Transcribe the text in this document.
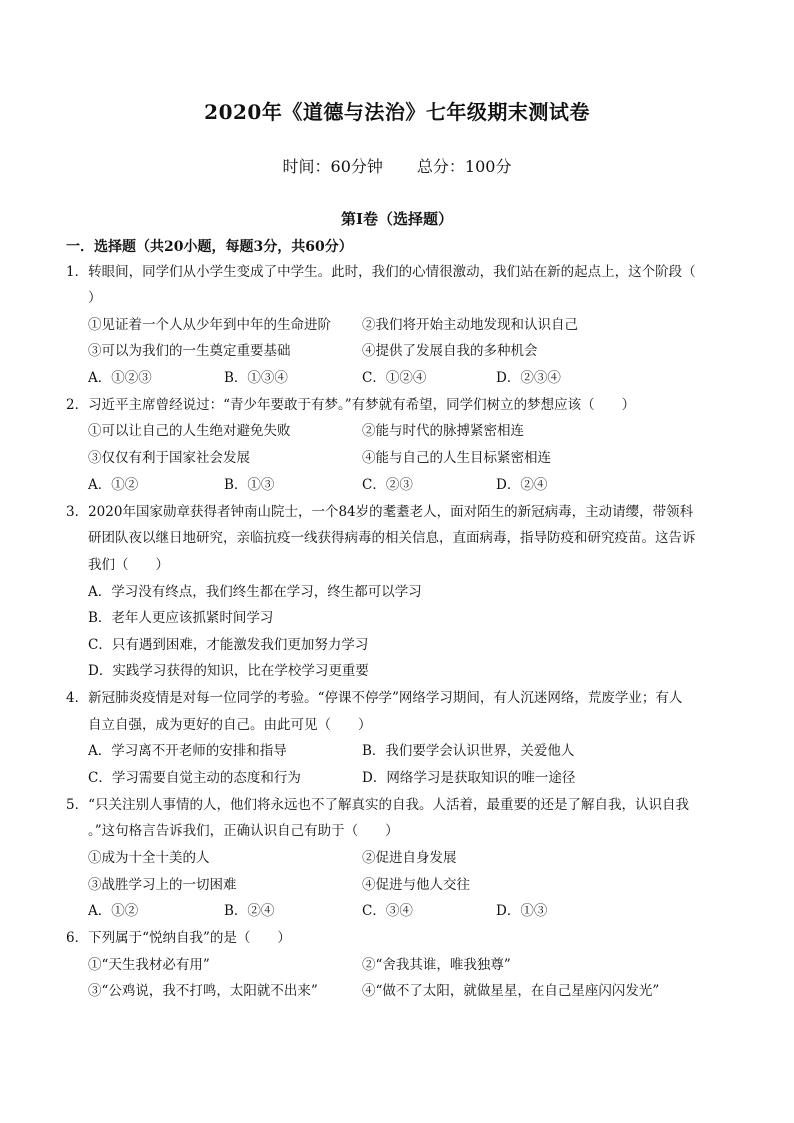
2020年《道德与法治》七年级期末测试卷
时间：60分钟 总分：100分
第Ⅰ卷（选择题）
一．选择题（共20小题，每题3分，共60分）
1．转眼间，同学们从小学生变成了中学生。此时，我们的心情很激动，我们站在新的起点上，这个阶段（
）
①见证着一个人从少年到中年的生命进阶 ②我们将开始主动地发现和认识自己
③可以为我们的一生奠定重要基础	④提供了发展自我的多种机会
A．①②③	B．①③④	C．①②④	D．②③④
2．习近平主席曾经说过：“青少年要敢于有梦。”有梦就有希望，同学们树立的梦想应该（　　）
①可以让自己的人生绝对避免失败	②能与时代的脉搏紧密相连
③仅仅有利于国家社会发展	④能与自己的人生目标紧密相连
A．①②	B．①③	C．②③	D．②④
3．2020年国家勋章获得者钟南山院士，一个84岁的耄耋老人，面对陌生的新冠病毒，主动请缨，带领科
研团队夜以继日地研究，亲临抗疫一线获得病毒的相关信息，直面病毒，指导防疫和研究疫苗。这告诉
我们（　　）
A．学习没有终点，我们终生都在学习，终生都可以学习
B．老年人更应该抓紧时间学习
C．只有遇到困难，才能激发我们更加努力学习
D．实践学习获得的知识，比在学校学习更重要
4．新冠肺炎疫情是对每一位同学的考验。“停课不停学”网络学习期间，有人沉迷网络，荒废学业；有人
自立自强，成为更好的自己。由此可见（　　）
A．学习离不开老师的安排和指导	B．我们要学会认识世界，关爱他人
C．学习需要自觉主动的态度和行为	D．网络学习是获取知识的唯一途径
5．“只关注别人事情的人，他们将永远也不了解真实的自我。人活着，最重要的还是了解自我，认识自我
。”这句格言告诉我们，正确认识自己有助于（　　）
①成为十全十美的人	②促进自身发展
③战胜学习上的一切困难	④促进与他人交往
A．①②	B．②④	C．③④	D．①③
6．下列属于“悦纳自我”的是（　　）
①“天生我材必有用”	②“舍我其谁，唯我独尊”
③“公鸡说，我不打鸣，太阳就不出来”	④“做不了太阳，就做星星，在自己星座闪闪发光”
